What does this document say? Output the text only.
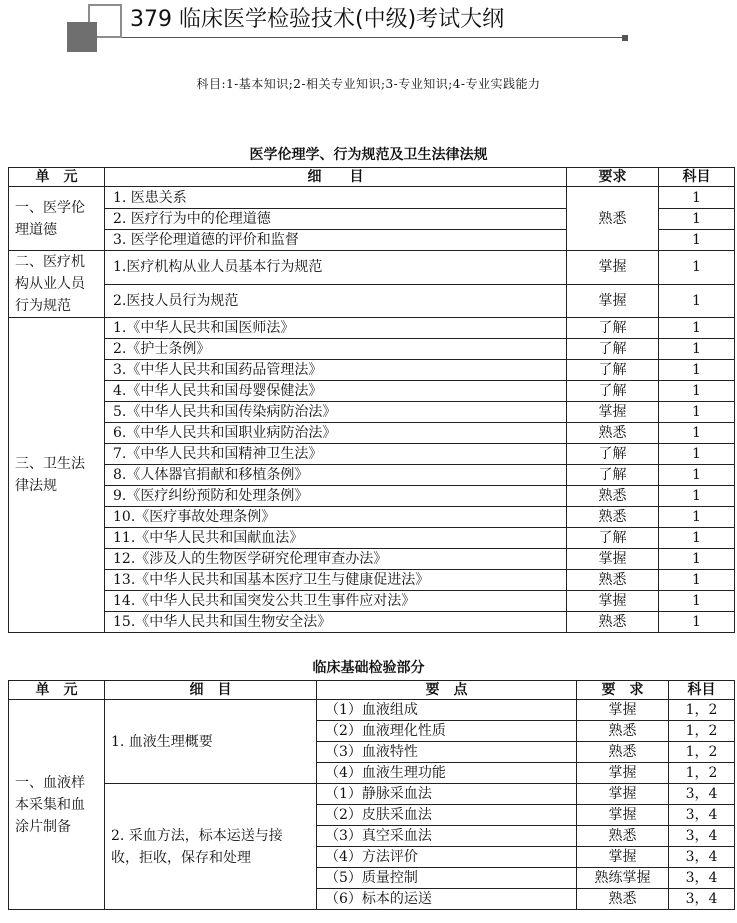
379 临床医学检验技术(中级)考试大纲
科目:1-基本知识;2-相关专业知识;3-专业知识;4-专业实践能力
医学伦理学、行为规范及卫生法律法规
单　元	细　　目	要求	科目
一、医学伦理道德	1. 医患关系	熟悉	1
	2. 医疗行为中的伦理道德		1
	3. 医学伦理道德的评价和监督		1
二、医疗机构从业人员行为规范	1.医疗机构从业人员基本行为规范	掌握	1
	2.医技人员行为规范	掌握	1
三、卫生法律法规	1.《中华人民共和国医师法》	了解	1
	2.《护士条例》	了解	1
	3.《中华人民共和国药品管理法》	了解	1
	4.《中华人民共和国母婴保健法》	了解	1
	5.《中华人民共和国传染病防治法》	掌握	1
	6.《中华人民共和国职业病防治法》	熟悉	1
	7.《中华人民共和国精神卫生法》	了解	1
	8.《人体器官捐献和移植条例》	了解	1
	9.《医疗纠纷预防和处理条例》	熟悉	1
	10.《医疗事故处理条例》	熟悉	1
	11.《中华人民共和国献血法》	了解	1
	12.《涉及人的生物医学研究伦理审查办法》	掌握	1
	13.《中华人民共和国基本医疗卫生与健康促进法》	熟悉	1
	14.《中华人民共和国突发公共卫生事件应对法》	掌握	1
	15.《中华人民共和国生物安全法》	熟悉	1
临床基础检验部分
单　元	细　目	要　点	要　求	科目
一、血液样本采集和血涂片制备	1. 血液生理概要	（1）血液组成	掌握	1，2
		（2）血液理化性质	熟悉	1，2
		（3）血液特性	熟悉	1，2
		（4）血液生理功能	掌握	1，2
	2. 采血方法，标本运送与接收，拒收，保存和处理	（1）静脉采血法	掌握	3，4
		（2）皮肤采血法	掌握	3，4
		（3）真空采血法	熟悉	3，4
		（4）方法评价	掌握	3，4
		（5）质量控制	熟练掌握	3，4
		（6）标本的运送	熟悉	3，4
